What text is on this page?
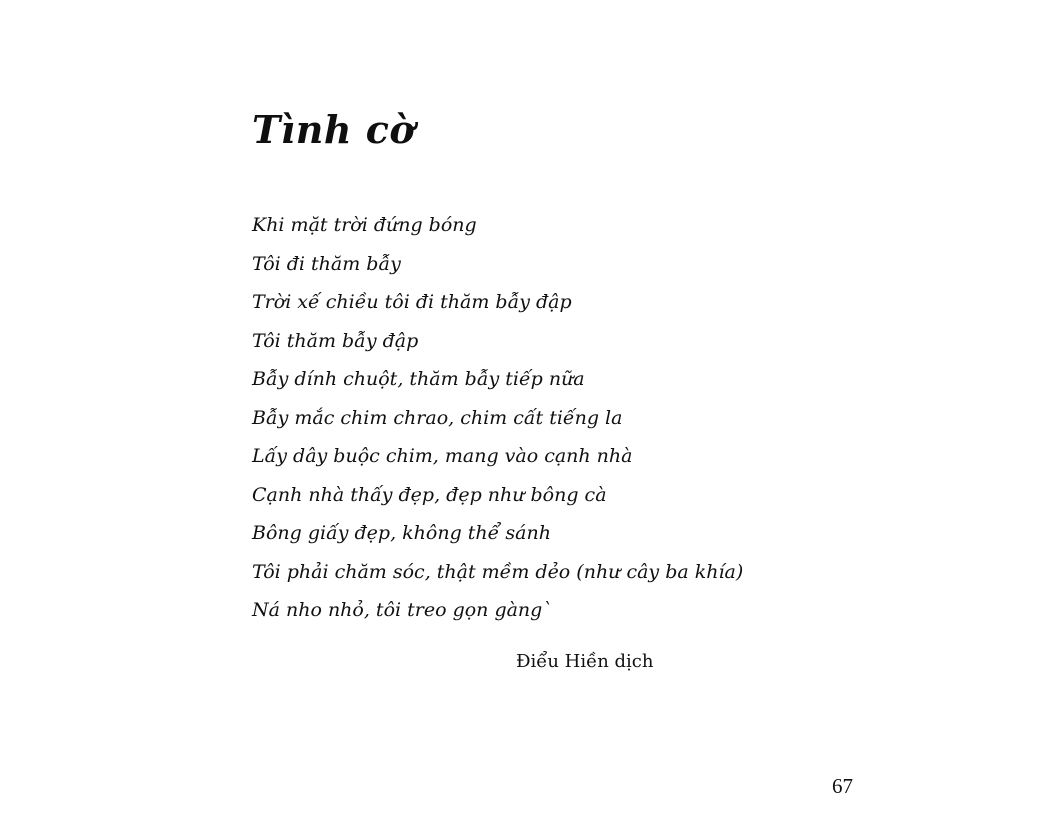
Tình cờ
Khi mặt trời đứng bóng
Tôi đi thăm bẫy
Trời xế chiều tôi đi thăm bẫy đập
Tôi thăm bẫy đập
Bẫy dính chuột, thăm bẫy tiếp nữa
Bẫy mắc chim chrao, chim cất tiếng la
Lấy dây buộc chim, mang vào cạnh nhà
Cạnh nhà thấy đẹp, đẹp như bông cà
Bông giấy đẹp, không thể sánh
Tôi phải chăm sóc, thật mềm dẻo (như cây ba khía)
Ná nho nhỏ, tôi treo gọn gàng`
Điểu Hiền dịch
67
